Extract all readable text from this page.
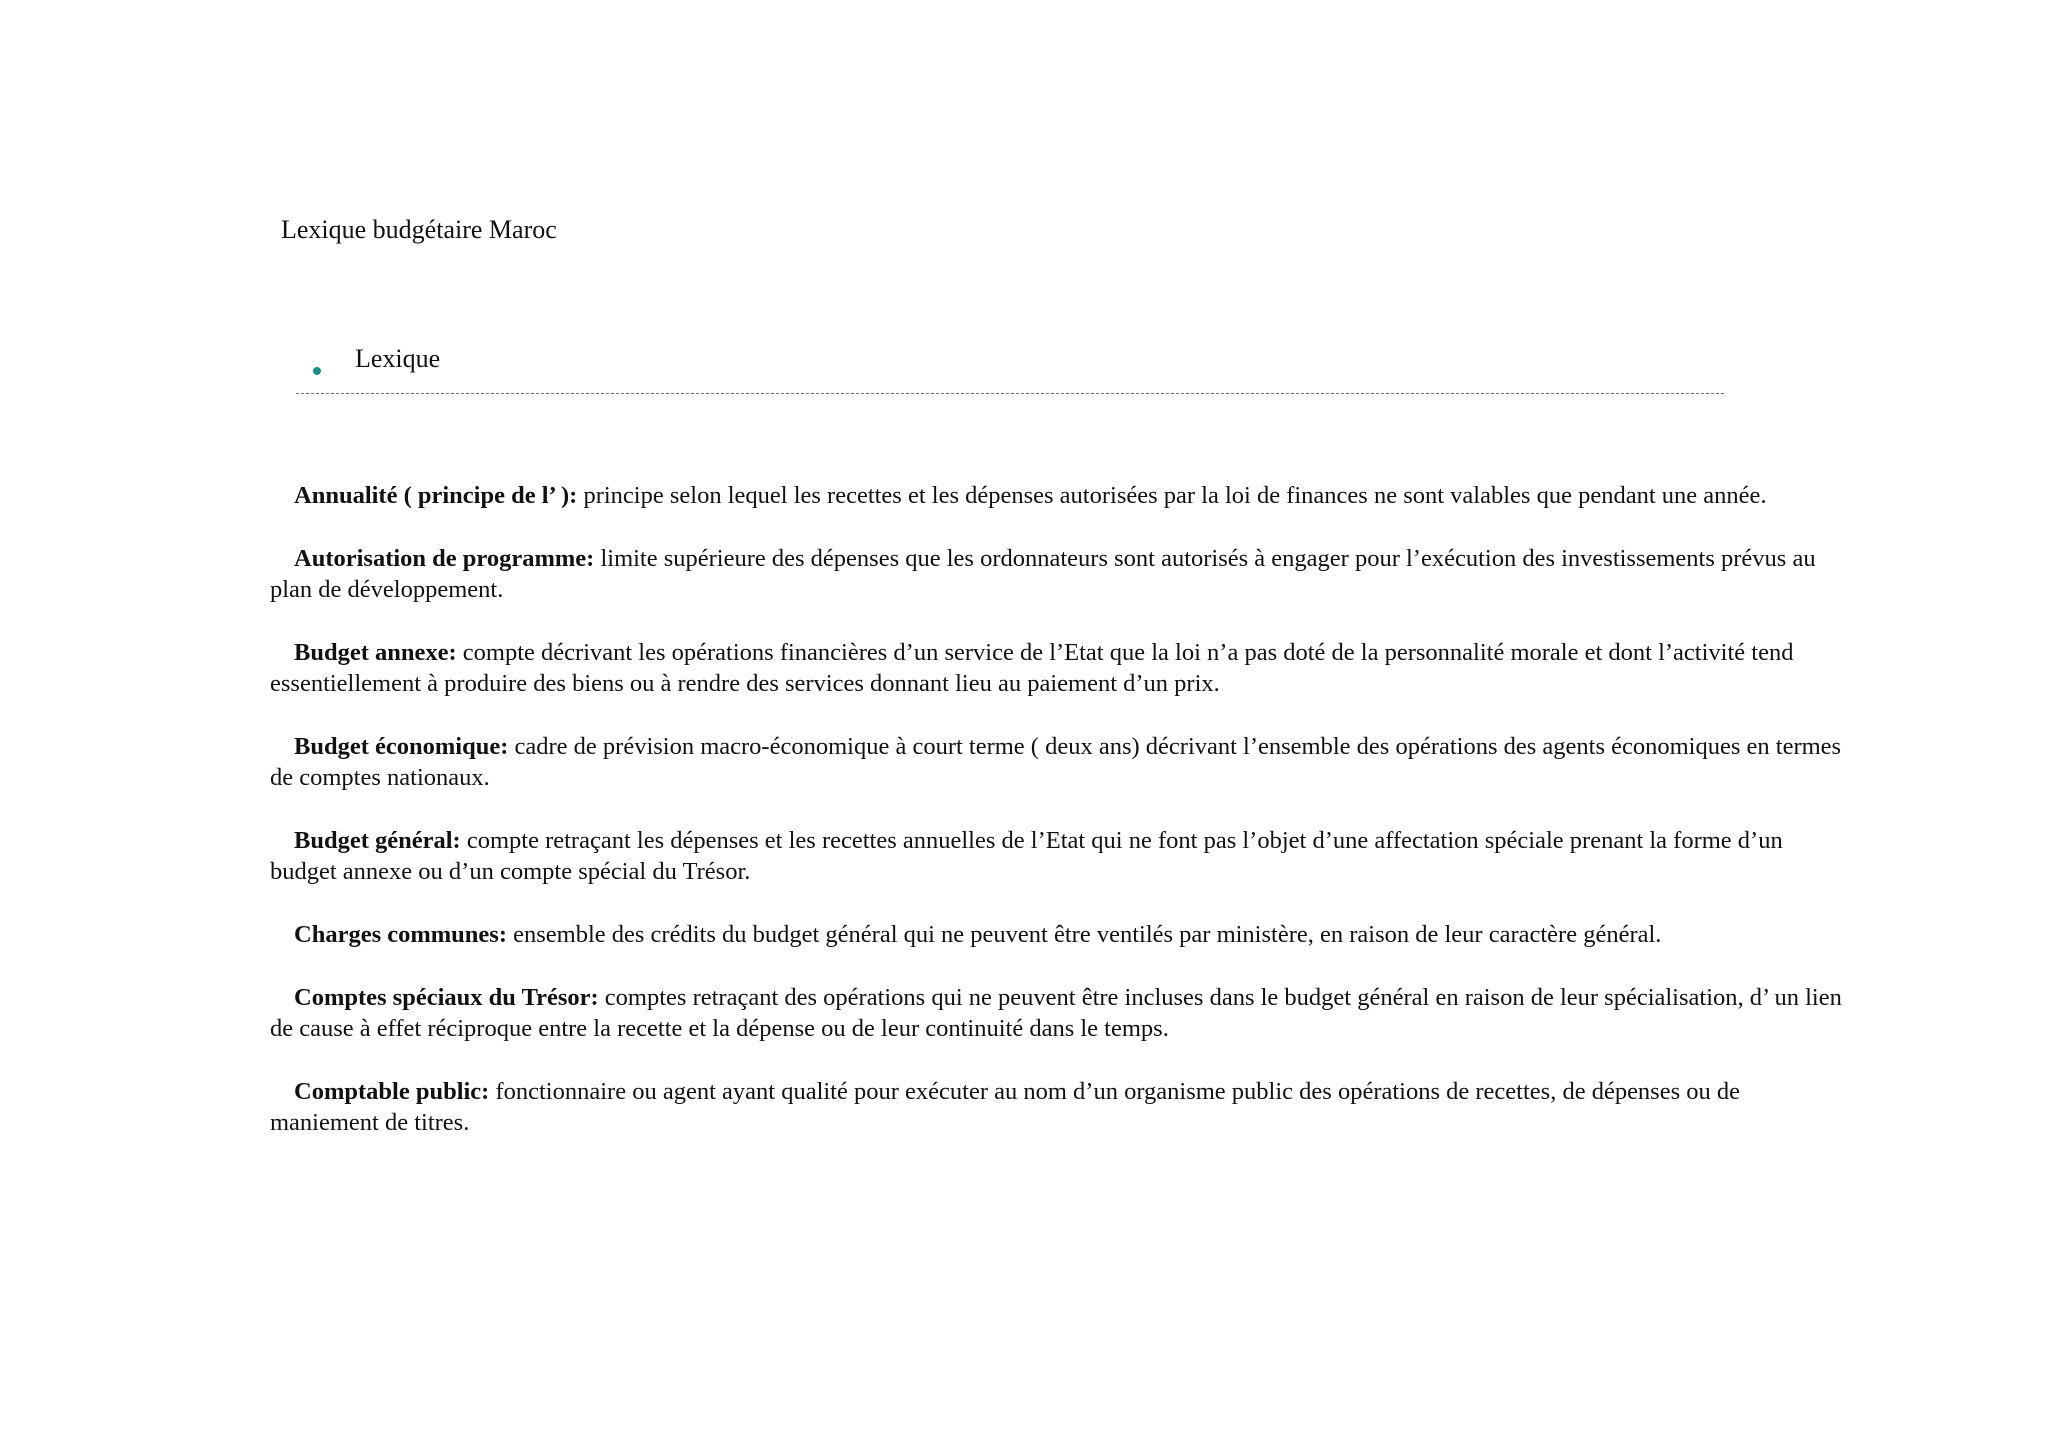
Lexique budgétaire Maroc
Lexique

Annualité ( principe de l’ ): principe selon lequel les recettes et les dépenses autorisées par la loi de finances ne sont valables que pendant une année.

Autorisation de programme: limite supérieure des dépenses que les ordonnateurs sont autorisés à engager pour l’exécution des investissements prévus au plan de développement.

Budget annexe: compte décrivant les opérations financières d’un service de l’Etat que la loi n’a pas doté de la personnalité morale et dont l’activité tend essentiellement à produire des biens ou à rendre des services donnant lieu au paiement d’un prix.

Budget économique: cadre de prévision macro-économique à court terme ( deux ans) décrivant l’ensemble des opérations des agents économiques en termes de comptes nationaux.

Budget général: compte retraçant les dépenses et les recettes annuelles de l’Etat qui ne font pas l’objet d’une affectation spéciale prenant la forme d’un budget annexe ou d’un compte spécial du Trésor.

Charges communes: ensemble des crédits du budget général qui ne peuvent être ventilés par ministère, en raison de leur caractère général.

Comptes spéciaux du Trésor: comptes retraçant des opérations qui ne peuvent être incluses dans le budget général en raison de leur spécialisation, d’ un lien de cause à effet réciproque entre la recette et la dépense ou de leur continuité dans le temps.

Comptable public: fonctionnaire ou agent ayant qualité pour exécuter au nom d’un organisme public des opérations de recettes, de dépenses ou de maniement de titres.
